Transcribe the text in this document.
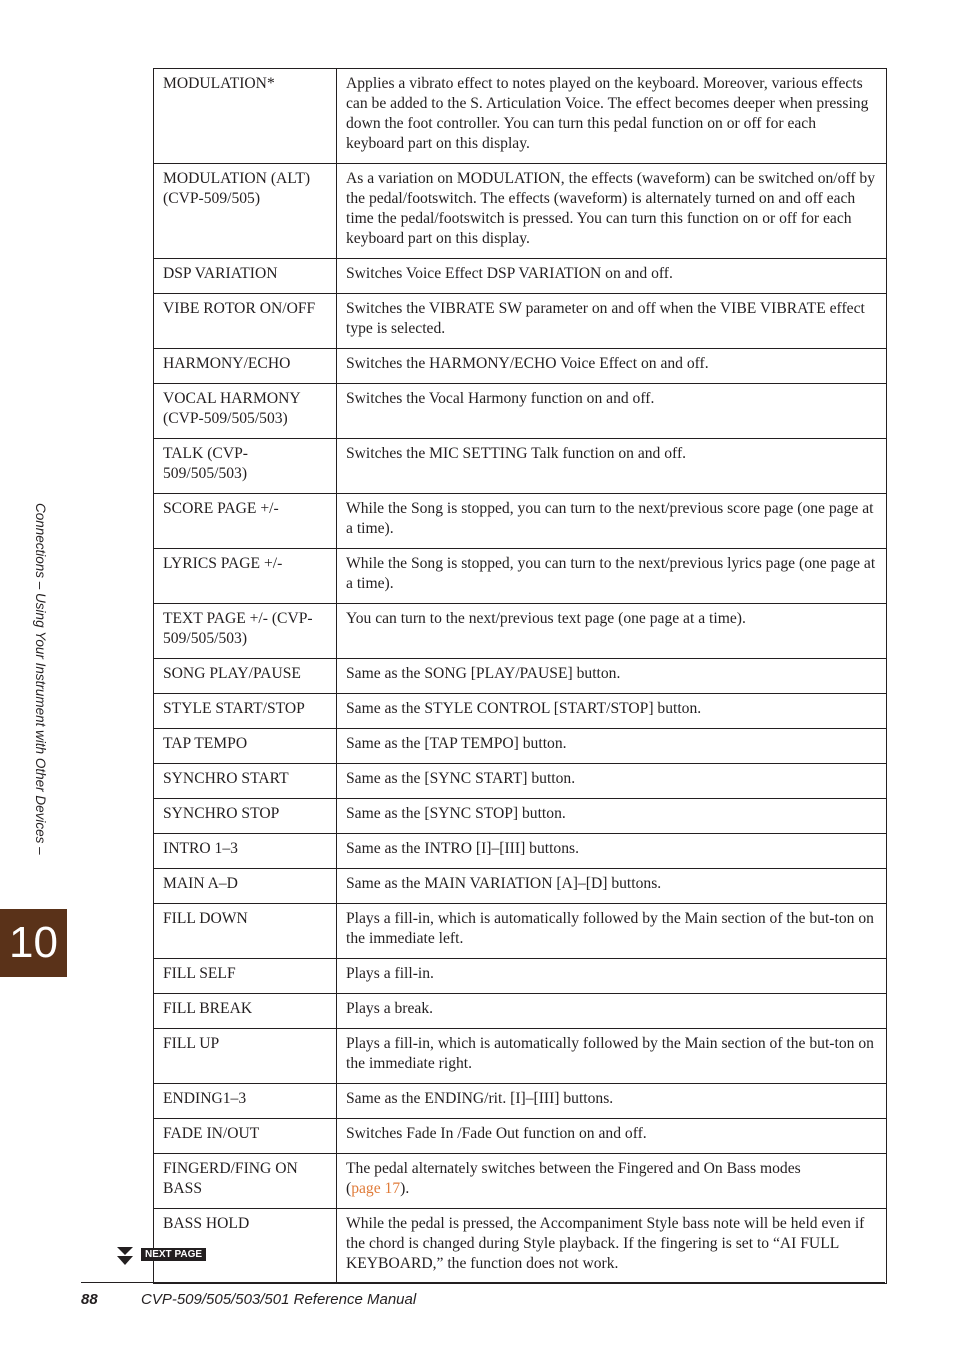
MODULATION*	Applies a vibrato effect to notes played on the keyboard. Moreover, various effects can be added to the S. Articulation Voice. The effect becomes deeper when pressing down the foot controller. You can turn this pedal function on or off for each keyboard part on this display.
MODULATION (ALT) (CVP-509/505)	As a variation on MODULATION, the effects (waveform) can be switched on/off by the pedal/footswitch. The effects (waveform) is alternately turned on and off each time the pedal/footswitch is pressed. You can turn this function on or off for each keyboard part on this display.
DSP VARIATION	Switches Voice Effect DSP VARIATION on and off.
VIBE ROTOR ON/OFF	Switches the VIBRATE SW parameter on and off when the VIBE VIBRATE effect type is selected.
HARMONY/ECHO	Switches the HARMONY/ECHO Voice Effect on and off.
VOCAL HARMONY (CVP-509/505/503)	Switches the Vocal Harmony function on and off.
TALK (CVP-509/505/503)	Switches the MIC SETTING Talk function on and off.
SCORE PAGE +/-	While the Song is stopped, you can turn to the next/previous score page (one page at a time).
LYRICS PAGE +/-	While the Song is stopped, you can turn to the next/previous lyrics page (one page at a time).
TEXT PAGE +/- (CVP-509/505/503)	You can turn to the next/previous text page (one page at a time).
SONG PLAY/PAUSE	Same as the SONG [PLAY/PAUSE] button.
STYLE START/STOP	Same as the STYLE CONTROL [START/STOP] button.
TAP TEMPO	Same as the [TAP TEMPO] button.
SYNCHRO START	Same as the [SYNC START] button.
SYNCHRO STOP	Same as the [SYNC STOP] button.
INTRO 1–3	Same as the INTRO [I]–[III] buttons.
MAIN A–D	Same as the MAIN VARIATION [A]–[D] buttons.
FILL DOWN	Plays a fill-in, which is automatically followed by the Main section of the but-ton on the immediate left.
FILL SELF	Plays a fill-in.
FILL BREAK	Plays a break.
FILL UP	Plays a fill-in, which is automatically followed by the Main section of the but-ton on the immediate right.
ENDING1–3	Same as the ENDING/rit. [I]–[III] buttons.
FADE IN/OUT	Switches Fade In /Fade Out function on and off.
FINGERD/FING ON BASS	The pedal alternately switches between the Fingered and On Bass modes
(page 17).
BASS HOLD	While the pedal is pressed, the Accompaniment Style bass note will be held even if the chord is changed during Style playback. If the fingering is set to “AI FULL KEYBOARD,” the function does not work.
Connections – Using Your Instrument with Other Devices –
10
NEXT PAGE
88	CVP-509/505/503/501 Reference Manual
